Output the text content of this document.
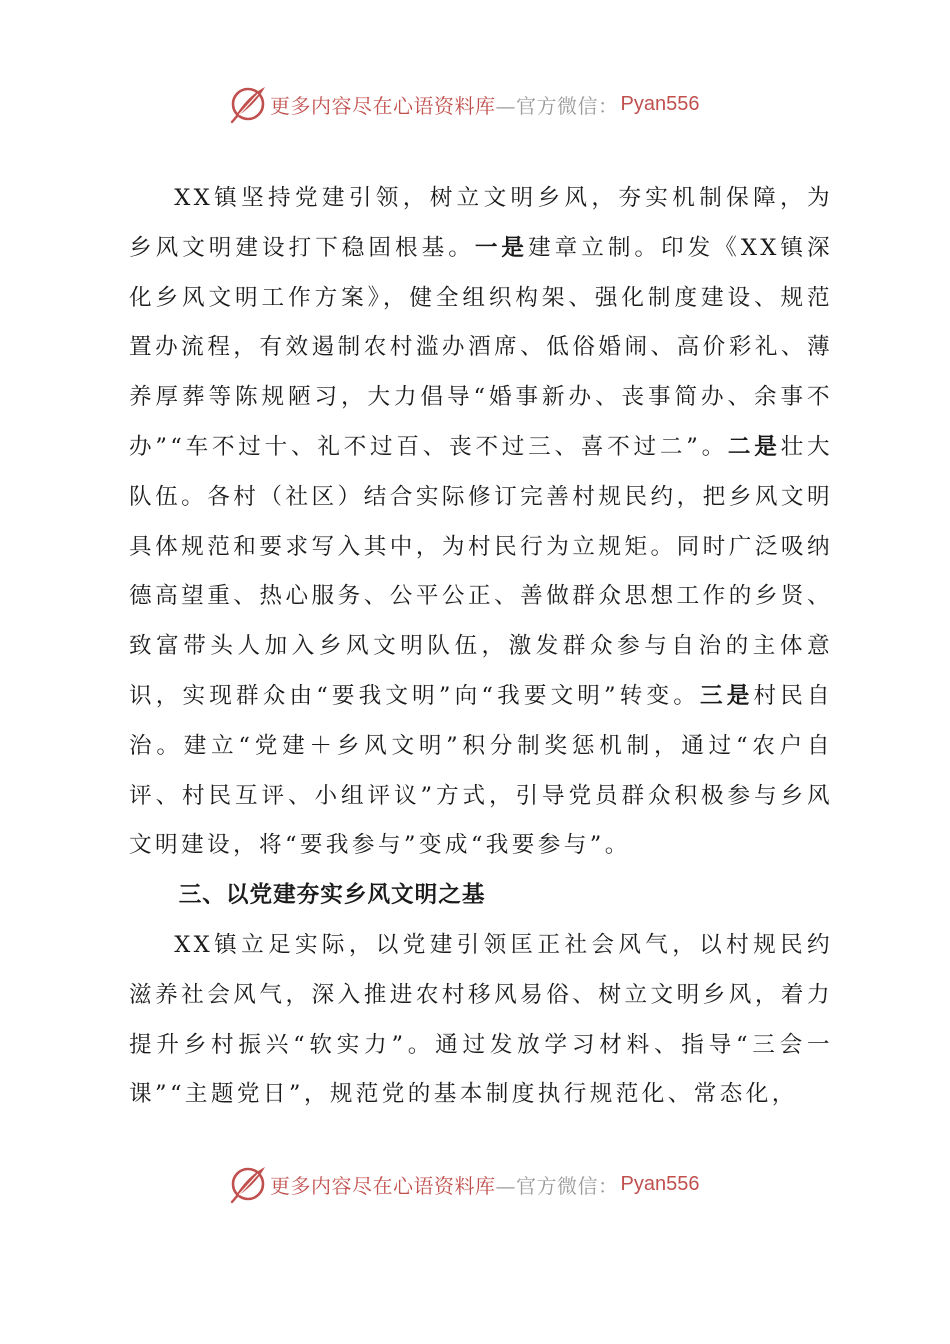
更多内容尽在心语资料库 —官方微信： Pyan556

XX镇坚持党建引领，树立文明乡风，夯实机制保障，为乡风文明建设打下稳固根基。一是建章立制。印发《XX镇深化乡风文明工作方案》，健全组织构架、强化制度建设、规范置办流程，有效遏制农村滥办酒席、低俗婚闹、高价彩礼、薄养厚葬等陈规陋习，大力倡导“婚事新办、丧事简办、余事不办”“车不过十、礼不过百、丧不过三、喜不过二”。二是壮大队伍。各村（社区）结合实际修订完善村规民约，把乡风文明具体规范和要求写入其中，为村民行为立规矩。同时广泛吸纳德高望重、热心服务、公平公正、善做群众思想工作的乡贤、致富带头人加入乡风文明队伍，激发群众参与自治的主体意识，实现群众由“要我文明”向“我要文明”转变。三是村民自治。建立“党建＋乡风文明”积分制奖惩机制，通过“农户自评、村民互评、小组评议”方式，引导党员群众积极参与乡风文明建设，将“要我参与”变成“我要参与”。

三、以党建夯实乡风文明之基

XX镇立足实际，以党建引领匡正社会风气，以村规民约滋养社会风气，深入推进农村移风易俗、树立文明乡风，着力提升乡村振兴“软实力”。通过发放学习材料、指导“三会一课”“主题党日”，规范党的基本制度执行规范化、常态化，

更多内容尽在心语资料库 —官方微信： Pyan556
